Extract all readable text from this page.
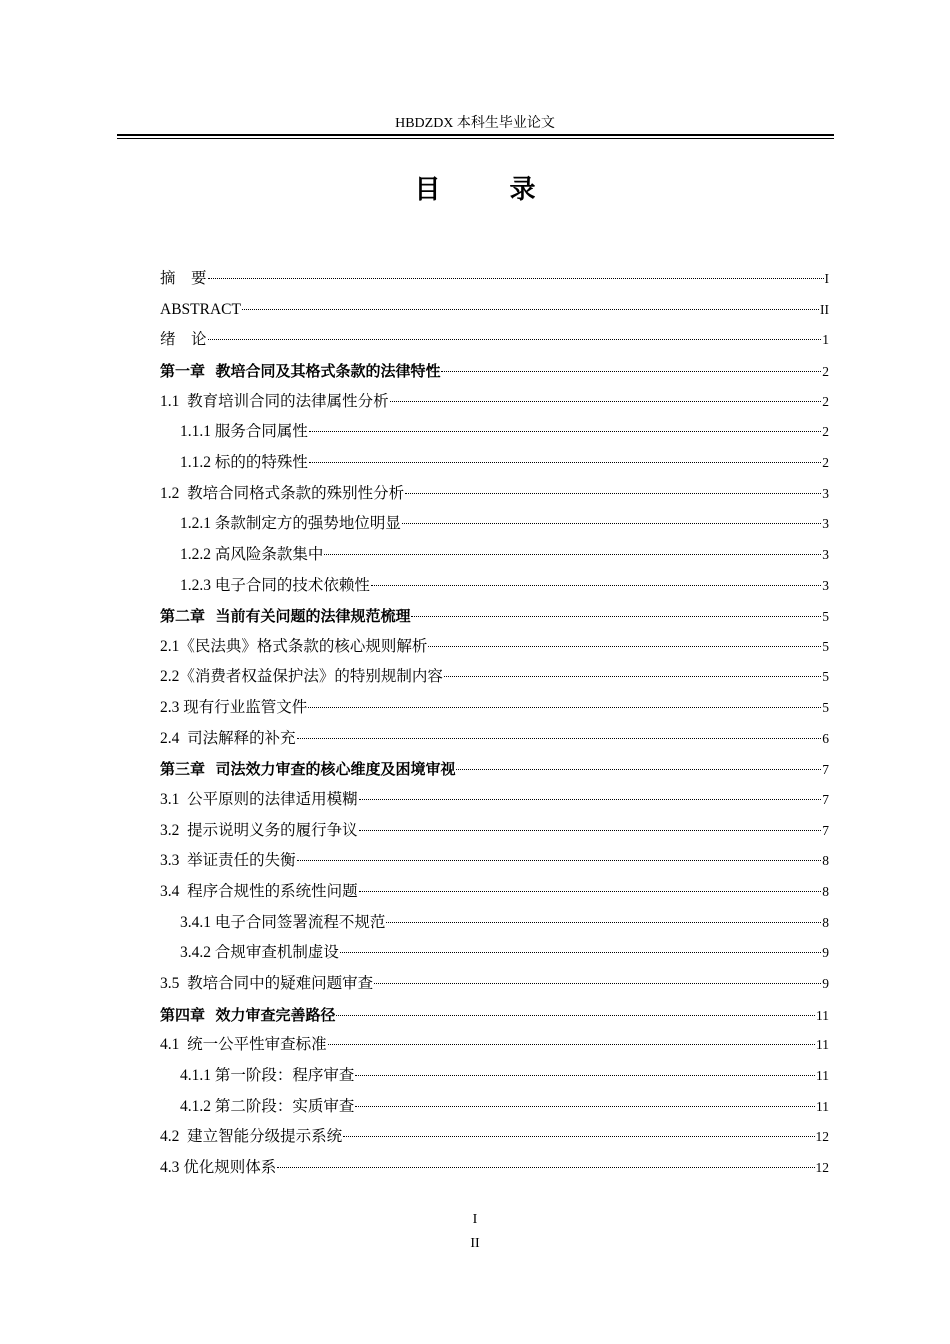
HBDZDX 本科生毕业论文
目 录
摘　要	I
ABSTRACT	II
绪　论	1
第一章  教培合同及其格式条款的法律特性	2
1.1  教育培训合同的法律属性分析	2
1.1.1 服务合同属性	2
1.1.2 标的的特殊性	2
1.2  教培合同格式条款的殊别性分析	3
1.2.1 条款制定方的强势地位明显	3
1.2.2 高风险条款集中	3
1.2.3 电子合同的技术依赖性	3
第二章  当前有关问题的法律规范梳理	5
2.1《民法典》格式条款的核心规则解析	5
2.2《消费者权益保护法》的特别规制内容	5
2.3 现有行业监管文件	5
2.4  司法解释的补充	6
第三章  司法效力审查的核心维度及困境审视	7
3.1  公平原则的法律适用模糊	7
3.2  提示说明义务的履行争议	7
3.3  举证责任的失衡	8
3.4  程序合规性的系统性问题	8
3.4.1 电子合同签署流程不规范	8
3.4.2 合规审查机制虚设	9
3.5  教培合同中的疑难问题审查	9
第四章  效力审查完善路径	11
4.1  统一公平性审查标准	11
4.1.1 第一阶段：程序审查	11
4.1.2 第二阶段：实质审查	11
4.2  建立智能分级提示系统	12
4.3 优化规则体系	12
I
II
